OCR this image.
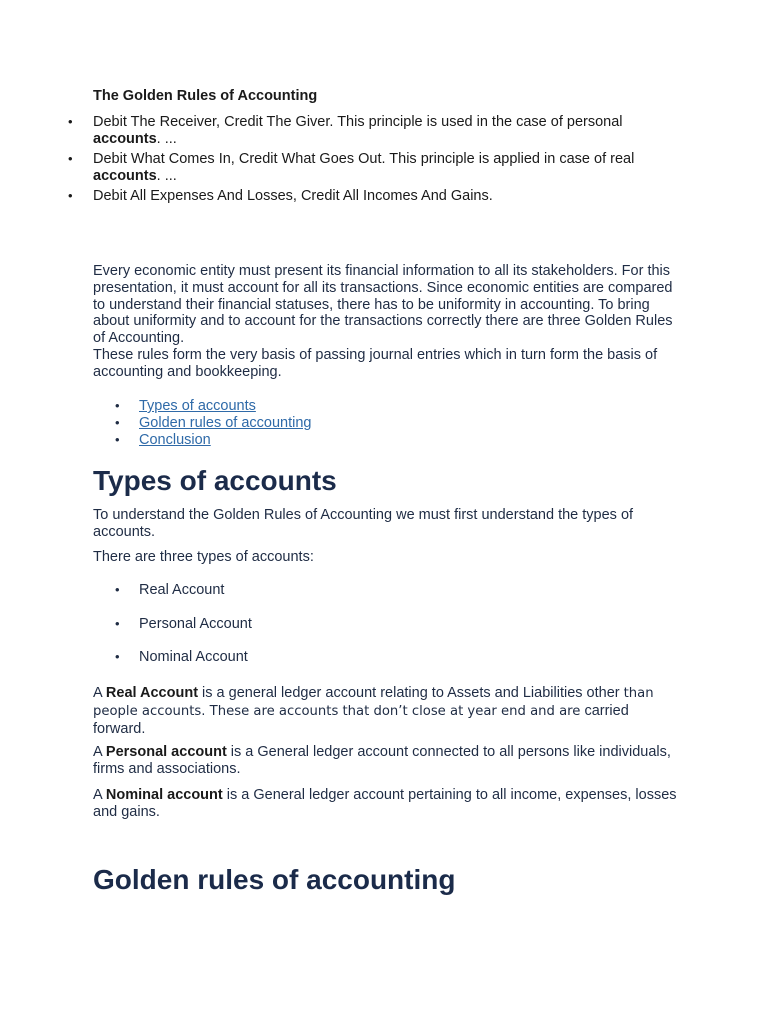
The Golden Rules of Accounting
• Debit The Receiver, Credit The Giver. This principle is used in the case of personal accounts. ...
• Debit What Comes In, Credit What Goes Out. This principle is applied in case of real accounts. ...
• Debit All Expenses And Losses, Credit All Incomes And Gains.

Every economic entity must present its financial information to all its stakeholders. For this presentation, it must account for all its transactions. Since economic entities are compared to understand their financial statuses, there has to be uniformity in accounting. To bring about uniformity and to account for the transactions correctly there are three Golden Rules of Accounting.

These rules form the very basis of passing journal entries which in turn form the basis of accounting and bookkeeping.

• Types of accounts
• Golden rules of accounting
• Conclusion
Types of accounts

To understand the Golden Rules of Accounting we must first understand the types of accounts.

There are three types of accounts:

• Real Account
• Personal Account
• Nominal Account

A Real Account is a general ledger account relating to Assets and Liabilities other than people accounts. These are accounts that don’t close at year end and are carried forward.

A Personal account is a General ledger account connected to all persons like individuals, firms and associations.

A Nominal account is a General ledger account pertaining to all income, expenses, losses and gains.

Golden rules of accounting
